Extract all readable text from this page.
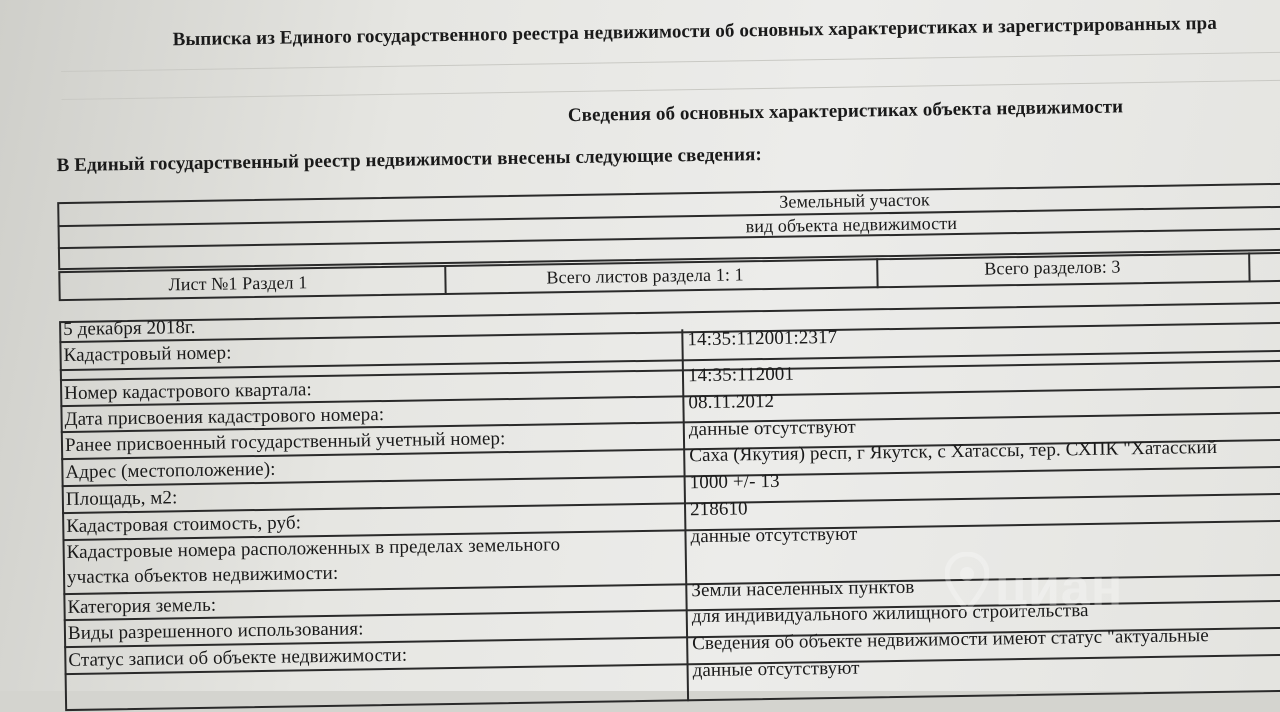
Выписка из Единого государственного реестра недвижимости об основных характеристиках и зарегистрированных пра
Сведения об основных характеристиках объекта недвижимости
В Единый государственный реестр недвижимости внесены следующие сведения:
Земельный участок
вид объекта недвижимости
Лист №1 Раздел 1	Всего листов раздела 1: 1	Всего разделов: 3
5 декабря 2018г.
Кадастровый номер:
Номер кадастрового квартала:
Дата присвоения кадастрового номера:
Ранее присвоенный государственный учетный номер:
Адрес (местоположение):
Площадь, м2:
Кадастровая стоимость, руб:
Кадастровые номера расположенных в пределах земельного
участка объектов недвижимости:
Категория земель:
Виды разрешенного использования:
Статус записи об объекте недвижимости:
14:35:112001:2317
14:35:112001
08.11.2012
данные отсутствуют
Саха (Якутия) респ, г Якутск, с Хатассы, тер. СХПК "Хатасский
1000 +/- 13
218610
данные отсутствуют
Земли населенных пунктов
для индивидуального жилищного строительства
Сведения об объекте недвижимости имеют статус "актуальные
данные отсутствуют
циан
